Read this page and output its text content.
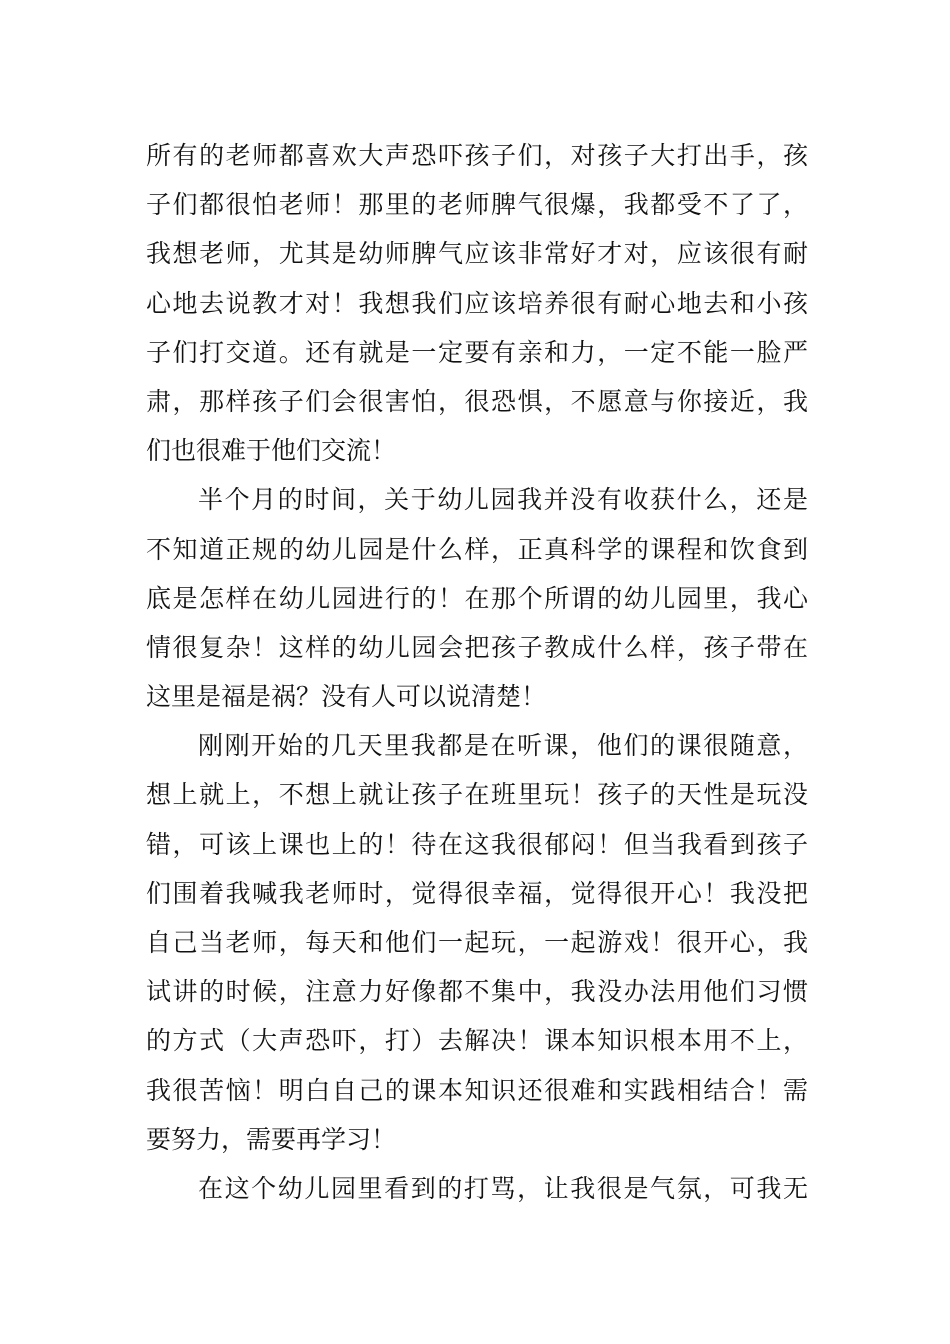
所有的老师都喜欢大声恐吓孩子们，对孩子大打出手，孩
子们都很怕老师！那里的老师脾气很爆，我都受不了了，
我想老师，尤其是幼师脾气应该非常好才对，应该很有耐
心地去说教才对！我想我们应该培养很有耐心地去和小孩
子们打交道。还有就是一定要有亲和力，一定不能一脸严
肃，那样孩子们会很害怕，很恐惧，不愿意与你接近，我
们也很难于他们交流！
半个月的时间，关于幼儿园我并没有收获什么，还是
不知道正规的幼儿园是什么样，正真科学的课程和饮食到
底是怎样在幼儿园进行的！在那个所谓的幼儿园里，我心
情很复杂！这样的幼儿园会把孩子教成什么样，孩子带在
这里是福是祸？没有人可以说清楚！
刚刚开始的几天里我都是在听课，他们的课很随意，
想上就上，不想上就让孩子在班里玩！孩子的天性是玩没
错，可该上课也上的！待在这我很郁闷！但当我看到孩子
们围着我喊我老师时，觉得很幸福，觉得很开心！我没把
自己当老师，每天和他们一起玩，一起游戏！很开心，我
试讲的时候，注意力好像都不集中，我没办法用他们习惯
的方式（大声恐吓，打）去解决！课本知识根本用不上，
我很苦恼！明白自己的课本知识还很难和实践相结合！需
要努力，需要再学习！
在这个幼儿园里看到的打骂，让我很是气氛，可我无
